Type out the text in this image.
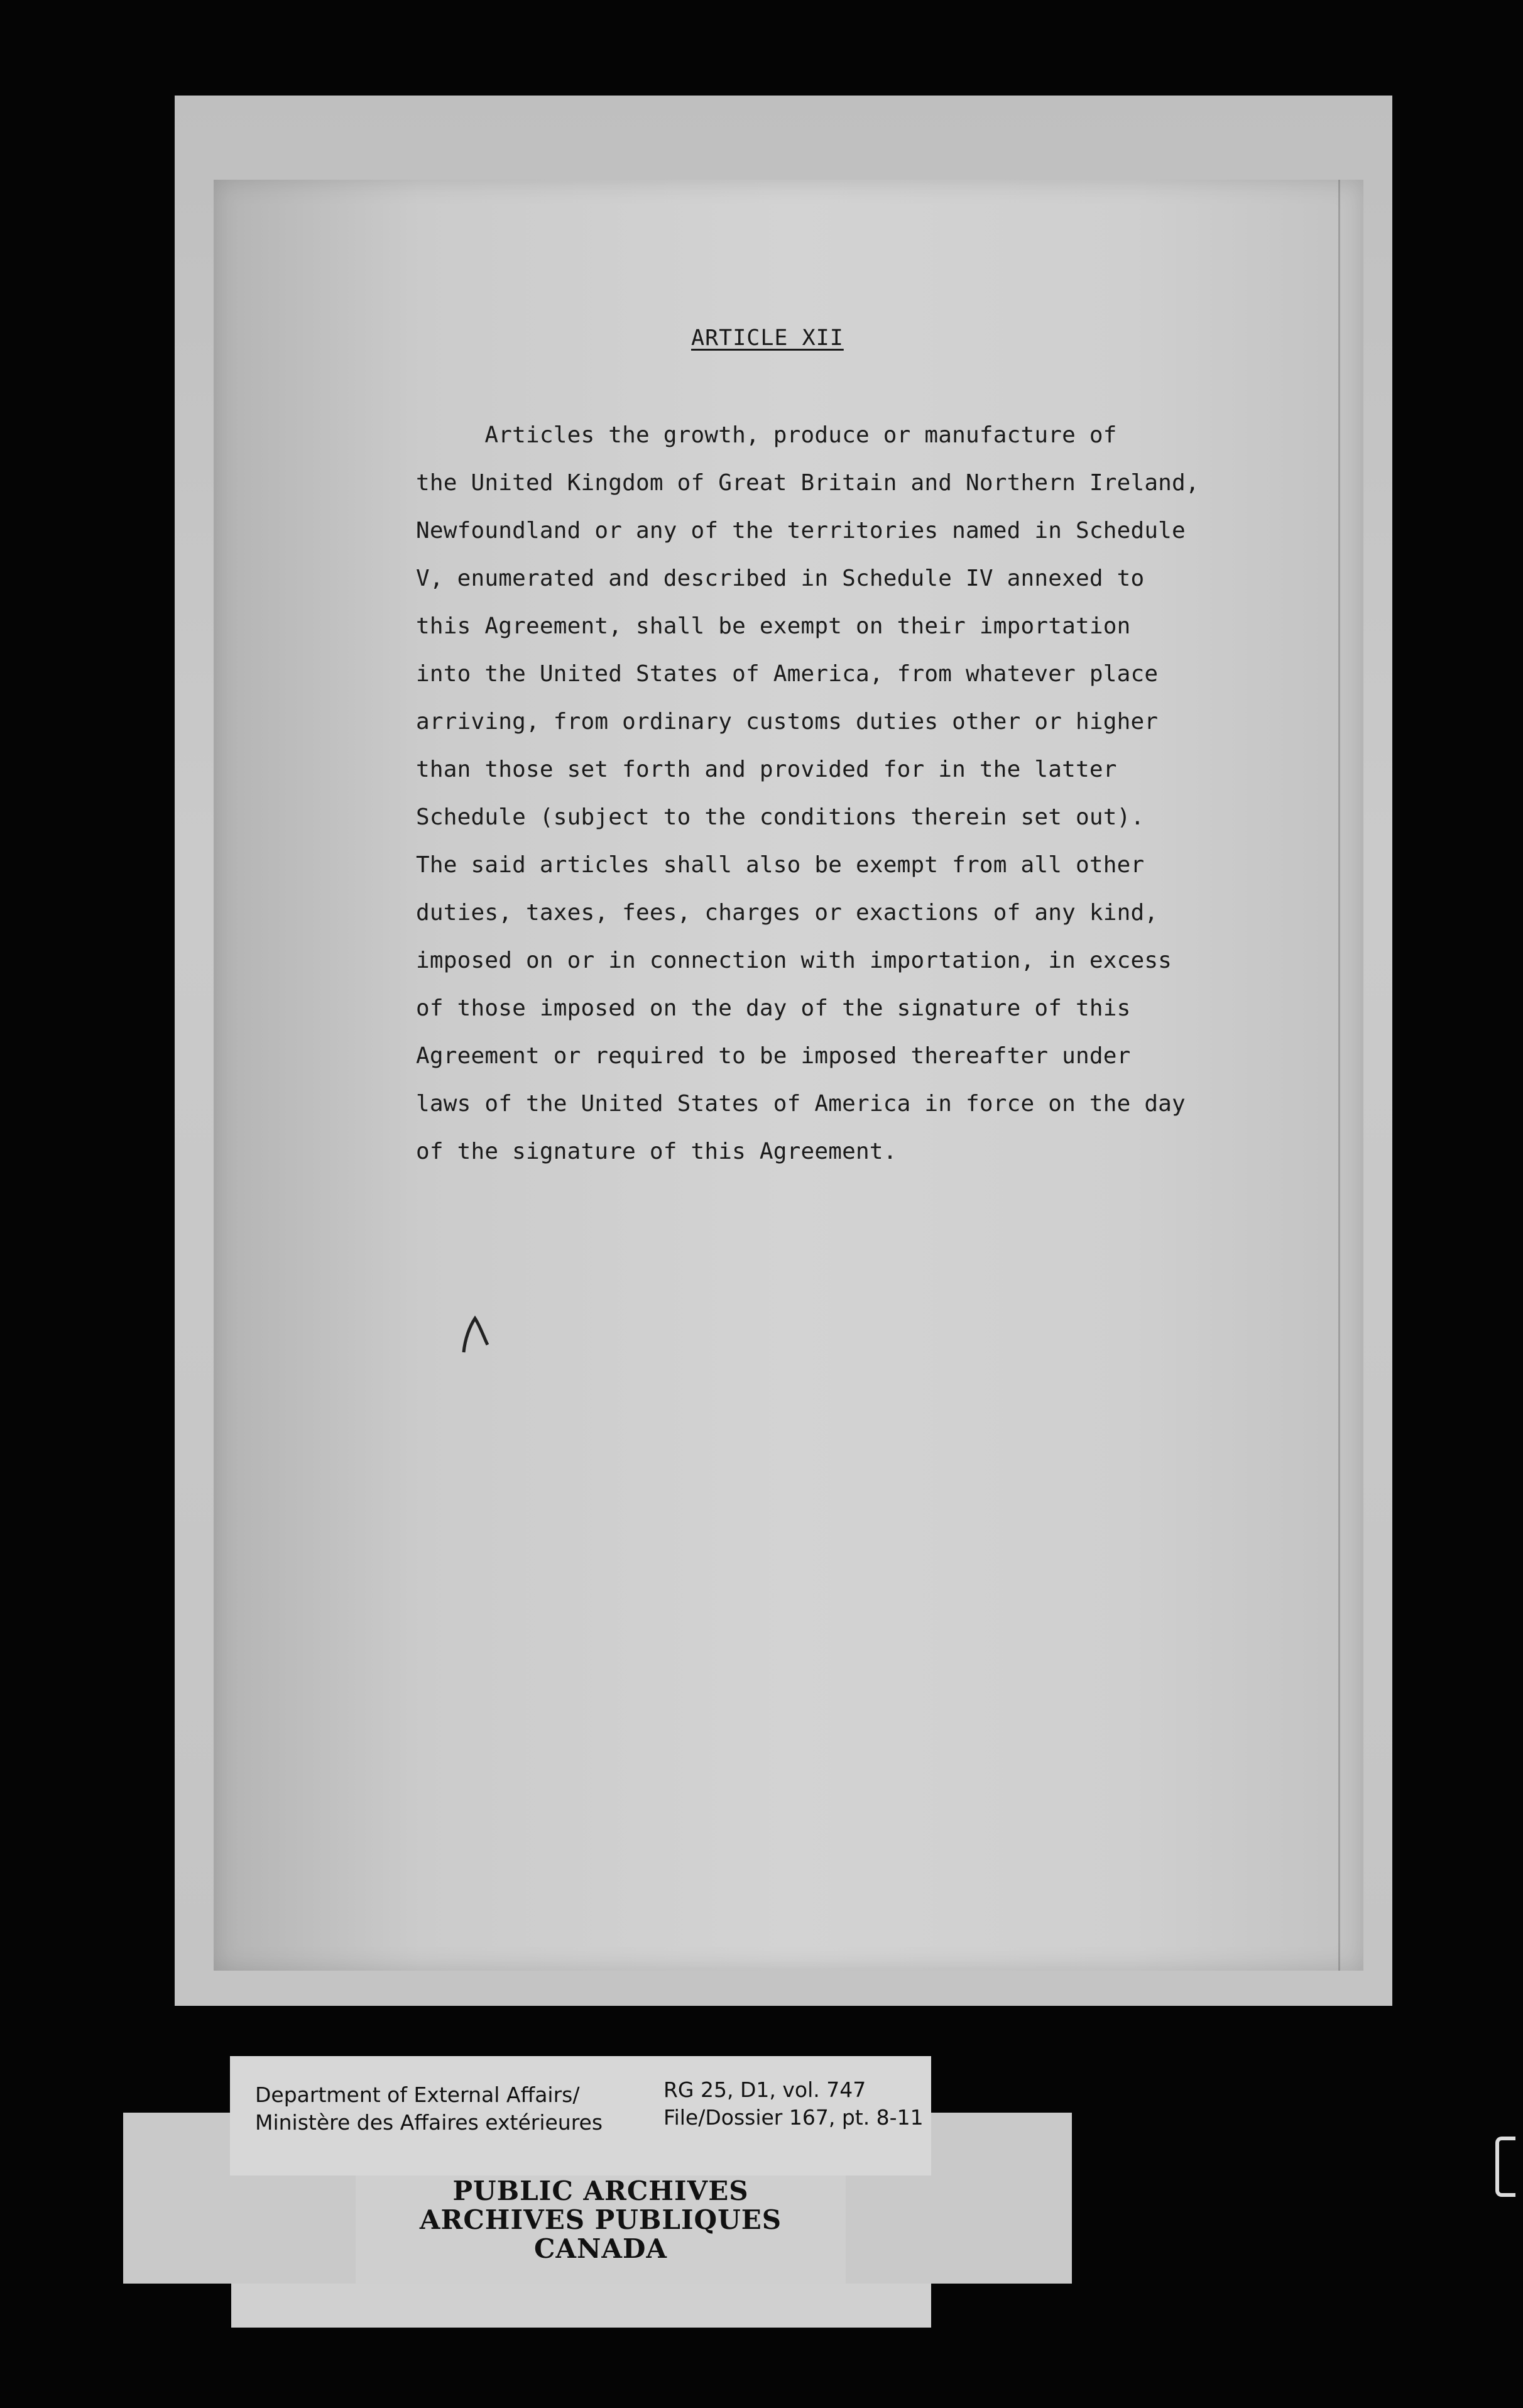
ARTICLE XII
Articles the growth, produce or manufacture of
the United Kingdom of Great Britain and Northern Ireland,
Newfoundland or any of the territories named in Schedule
V, enumerated and described in Schedule IV annexed to
this Agreement, shall be exempt on their importation
into the United States of America, from whatever place
arriving, from ordinary customs duties other or higher
than those set forth and provided for in the latter
Schedule (subject to the conditions therein set out).
The said articles shall also be exempt from all other
duties, taxes, fees, charges or exactions of any kind,
imposed on or in connection with importation, in excess
of those imposed on the day of the signature of this
Agreement or required to be imposed thereafter under
laws of the United States of America in force on the day
of the signature of this Agreement.
PUBLIC ARCHIVES
ARCHIVES PUBLIQUES
CANADA
Department of External Affairs/
Ministère des Affaires extérieures
RG 25, D1, vol. 747
File/Dossier 167, pt. 8-11
